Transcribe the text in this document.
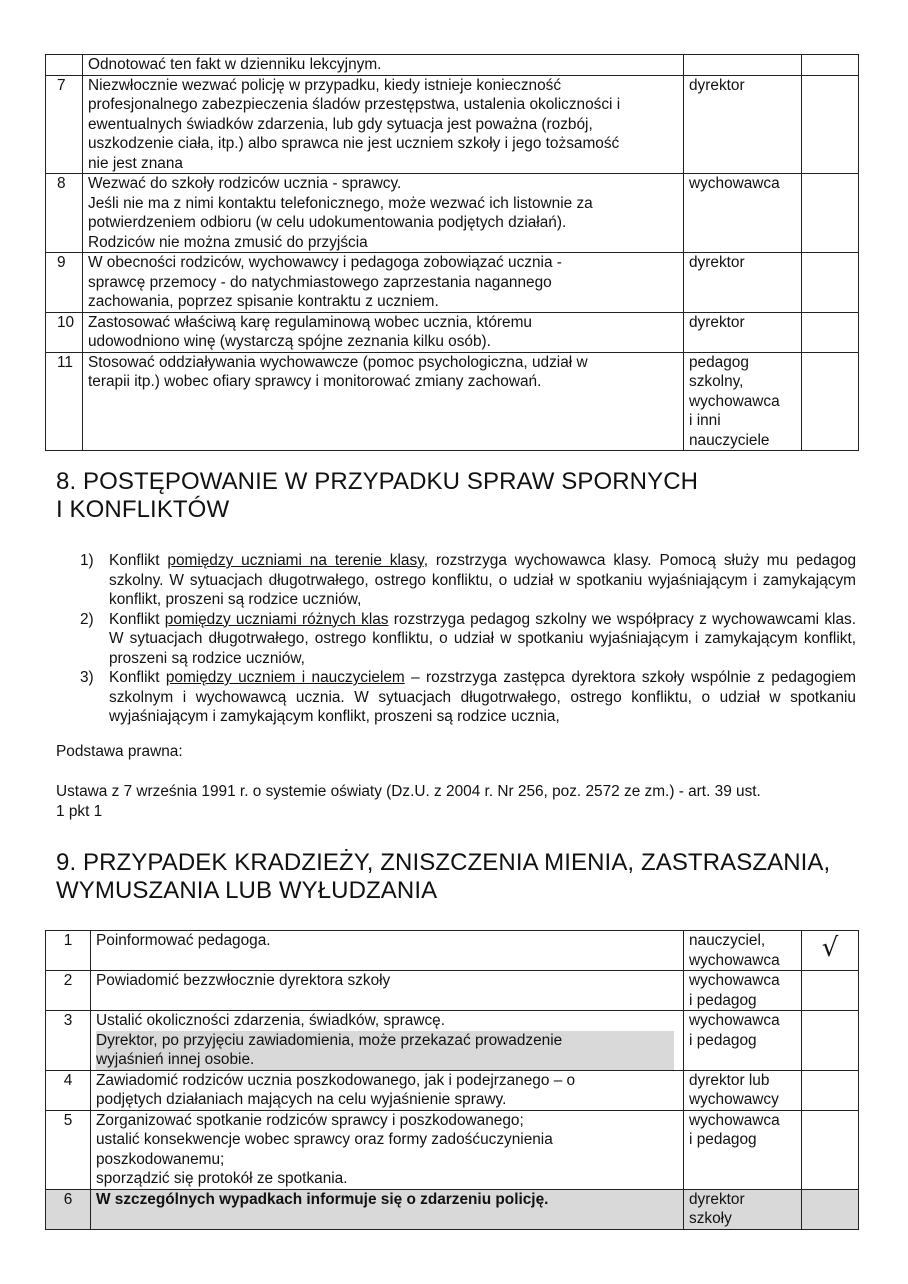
	Odnotować ten fakt w dzienniku lekcyjnym.		

7	Niezwłocznie wezwać policję w przypadku, kiedy istnieje konieczność
profesjonalnego zabezpieczenia śladów przestępstwa, ustalenia okoliczności i
ewentualnych świadków zdarzenia, lub gdy sytuacja jest poważna (rozbój,
uszkodzenie ciała, itp.) albo sprawca nie jest uczniem szkoły i jego tożsamość
nie jest znana	dyrektor	

8	Wezwać do szkoły rodziców ucznia - sprawcy.
Jeśli nie ma z nimi kontaktu telefonicznego, może wezwać ich listownie za
potwierdzeniem odbioru (w celu udokumentowania podjętych działań).
Rodziców nie można zmusić do przyjścia	wychowawca	

9	W obecności rodziców, wychowawcy i pedagoga zobowiązać ucznia -
sprawcę przemocy - do natychmiastowego zaprzestania nagannego
zachowania, poprzez spisanie kontraktu z uczniem.	dyrektor	

10	Zastosować właściwą karę regulaminową wobec ucznia, któremu
udowodniono winę (wystarczą spójne zeznania kilku osób).	dyrektor	

11	Stosować oddziaływania wychowawcze (pomoc psychologiczna, udział w
terapii itp.) wobec ofiary sprawcy i monitorować zmiany zachowań.	pedagog
szkolny,
wychowawca
i inni
nauczyciele	

8. POSTĘPOWANIE W PRZYPADKU SPRAW SPORNYCH
I KONFLIKTÓW
1) Konflikt pomiędzy uczniami na terenie klasy, rozstrzyga wychowawca klasy. Pomocą służy mu pedagog szkolny. W sytuacjach długotrwałego, ostrego konfliktu, o udział w spotkaniu wyjaśniającym i zamykającym konflikt, proszeni są rodzice uczniów,
2) Konflikt pomiędzy uczniami różnych klas rozstrzyga pedagog szkolny we współpracy z wychowawcami klas. W sytuacjach długotrwałego, ostrego konfliktu, o udział w spotkaniu wyjaśniającym i zamykającym konflikt, proszeni są rodzice uczniów,
3) Konflikt pomiędzy uczniem i nauczycielem – rozstrzyga zastępca dyrektora szkoły wspólnie z pedagogiem szkolnym i wychowawcą ucznia. W sytuacjach długotrwałego, ostrego konfliktu, o udział w spotkaniu wyjaśniającym i zamykającym konflikt, proszeni są rodzice ucznia,

Podstawa prawna:

Ustawa z 7 września 1991 r. o systemie oświaty (Dz.U. z 2004 r. Nr 256, poz. 2572 ze zm.) - art. 39 ust.
1 pkt 1

9. PRZYPADEK KRADZIEŻY, ZNISZCZENIA MIENIA, ZASTRASZANIA,
WYMUSZANIA LUB WYŁUDZANIA
1	Poinformować pedagoga.	nauczyciel,
wychowawca	√

2	Powiadomić bezzwłocznie dyrektora szkoły	wychowawca
i pedagog	

3	Ustalić okoliczności zdarzenia, świadków, sprawcę.
Dyrektor, po przyjęciu zawiadomienia, może przekazać prowadzenie
wyjaśnień innej osobie.	wychowawca
i pedagog	

4	Zawiadomić rodziców ucznia poszkodowanego, jak i podejrzanego – o
podjętych działaniach mających na celu wyjaśnienie sprawy.	dyrektor lub
wychowawcy	

5	Zorganizować spotkanie rodziców sprawcy i poszkodowanego;
ustalić konsekwencje wobec sprawcy oraz formy zadośćuczynienia
poszkodowanemu;
sporządzić się protokół ze spotkania.	wychowawca
i pedagog	

6	W szczególnych wypadkach informuje się o zdarzeniu policję.	dyrektor
szkoły	
